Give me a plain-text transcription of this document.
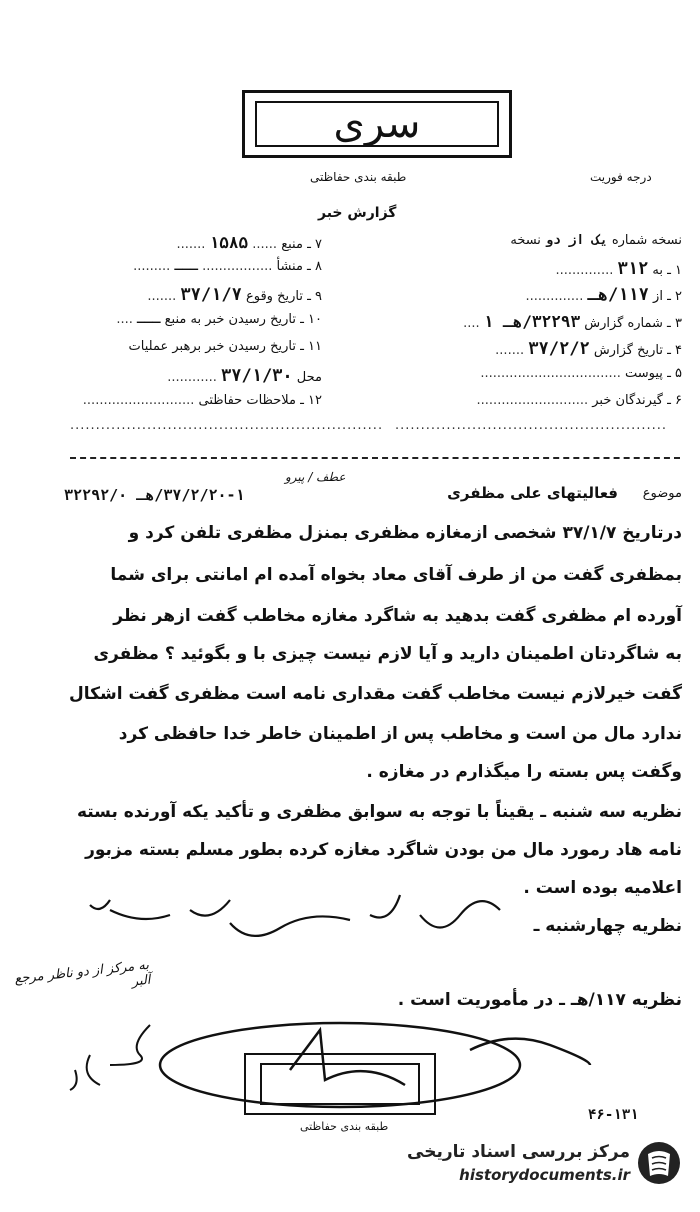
سری
طبقه بندی حفاظتی	درجه فوریت
گزارش خبر
۷ ـ منبع ...... ۱۵۸۵ .......
۸ ـ منشأ ................. ـــ .........
۹ ـ تاریخ وقوع ۳۷/۱/۷ .......
۱۰ ـ تاریخ رسیدن خبر به منبع ـــ ....
۱۱ ـ تاریخ رسیدن خبر برهبر عملیات
محل ۳۷/۱/۳۰ ............
۱۲ ـ ملاحظات حفاظتی ...........................
.............................................................
نسخه شماره یک از دو نسخه
۱ ـ به ۳۱۲ ..............
۲ ـ از ۱۱۷/هـ ..............
۳ ـ شماره گزارش ۳۲۲۹۳/هـ ۱ ....
۴ ـ تاریخ گزارش ۳۷/۲/۲ .......
۵ ـ پیوست ..................................
۶ ـ گیرندگان خبر ...........................
.....................................................
موضوع
فعالیتهای علی مظفری
۳۷/۲/۲۰-۱/هـ ۳۲۲۹۲/۰
عطف / پیرو
درتاریخ ۳۷/۱/۷ شخصی ازمغازه مظفری بمنزل مظفری تلفن کرد و
بمظفری گفت من از طرف آقای معاد بخواه آمده ام امانتی برای شما
آورده ام مظفری گفت بدهید به شاگرد مغازه مخاطب گفت ازهر نظر
به شاگردتان اطمینان دارید و آیا لازم نیست چیزی با و بگوئید ؟ مظفری
گفت خیرلازم نیست مخاطب گفت مقداری نامه است مظفری گفت اشکال
ندارد مال من است و مخاطب پس از اطمینان خاطر خدا حافظی کرد
وگفت پس بسته را میگذارم در مغازه .
نظریه سه شنبه ـ یقیناً با توجه به سوابق مظفری و تأکید یکه آورنده بسته
نامه هاد رمورد مال من بودن شاگرد مغازه کرده بطور مسلم بسته مزبور
اعلامیه بوده است .
نظریه چهارشنبه ـ
نظریه ۱۱۷/هـ ـ در مأموریت است .
به مرکز از دو ناظر مرجع آلبر
طبقه بندی حفاظتی
۴۶-۱۳۱
مرکز بررسی اسناد تاریخی
historydocuments.ir
